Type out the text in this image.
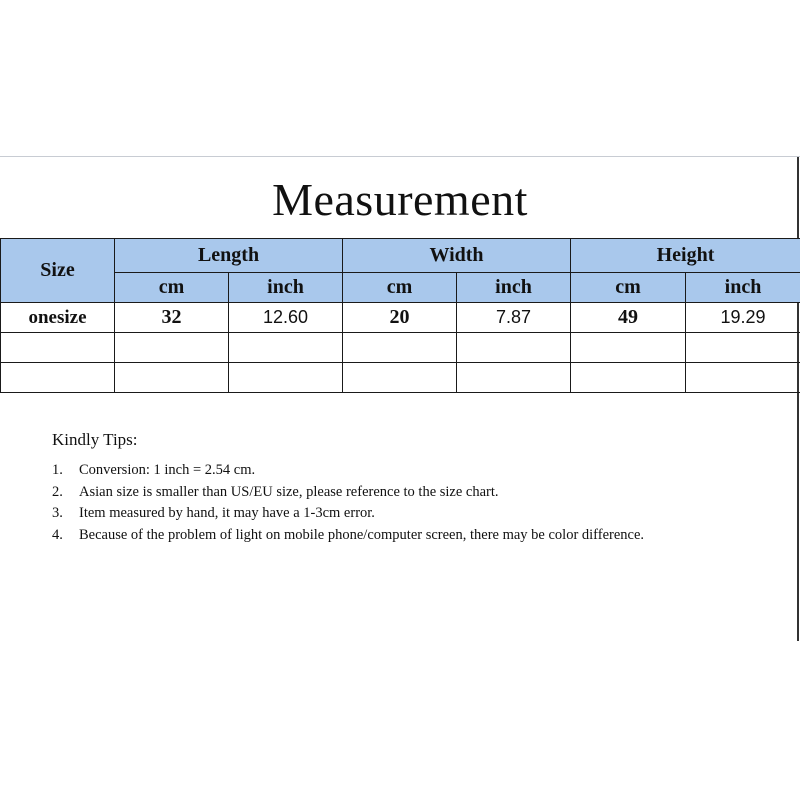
Measurement
Size	Length		Width		Height	
	cm	inch	cm	inch	cm	inch
onesize	32	12.60	20	7.87	49	19.29

Kindly Tips:
1. Conversion: 1 inch = 2.54 cm.
2. Asian size is smaller than US/EU size, please reference to the size chart.
3. Item measured by hand, it may have a 1-3cm error.
4. Because of the problem of light on mobile phone/computer screen, there may be color difference.
